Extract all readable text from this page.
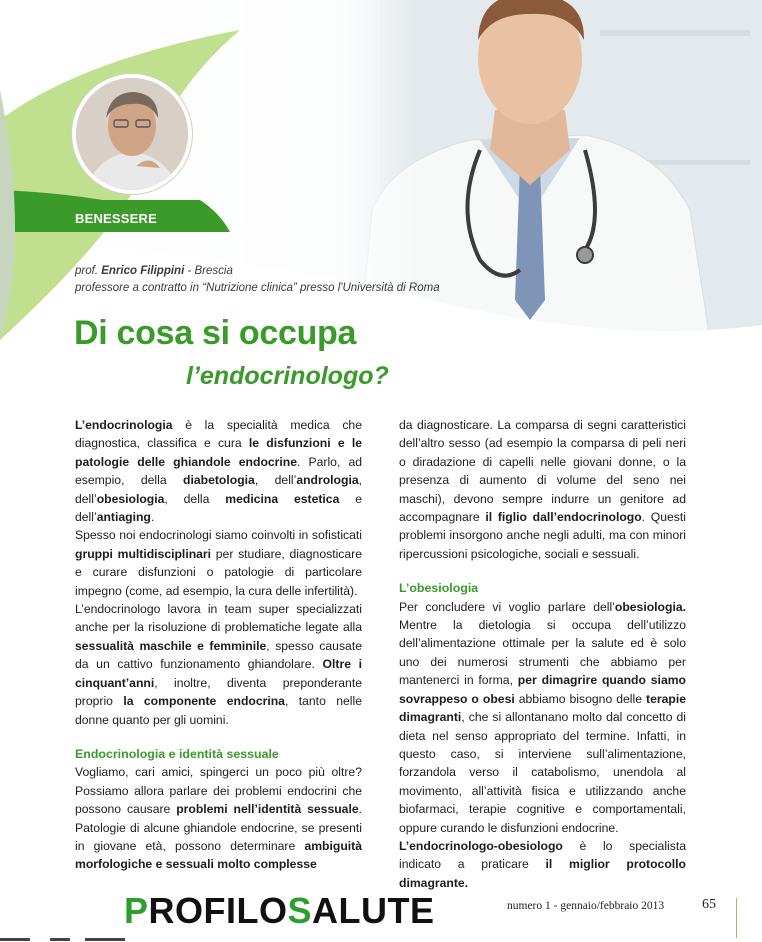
BENESSERE
prof. Enrico Filippini - Brescia
professore a contratto in “Nutrizione clinica” presso l'Università di Roma
Di cosa si occupa
l’endocrinologo?

L’endocrinologia è la specialità medica che diagnostica, classifica e cura le disfunzioni e le patologie delle ghiandole endocrine. Parlo, ad esempio, della diabetologia, dell’andrologia, dell’obesiologia, della medicina estetica e dell’antiaging.

Spesso noi endocrinologi siamo coinvolti in sofisticati gruppi multidisciplinari per studiare, diagnosticare e curare disfunzioni o patologie di particolare impegno (come, ad esempio, la cura delle infertilità).

L’endocrinologo lavora in team super specializzati anche per la risoluzione di problematiche legate alla sessualità maschile e femminile, spesso causate da un cattivo funzionamento ghiandolare. Oltre i cinquant’anni, inoltre, diventa preponderante proprio la componente endocrina, tanto nelle donne quanto per gli uomini.

Endocrinologia e identità sessuale

Vogliamo, cari amici, spingerci un poco più oltre? Possiamo allora parlare dei problemi endocrini che possono causare problemi nell’identità sessuale. Patologie di alcune ghiandole endocrine, se presenti in giovane età, possono determinare ambiguità morfologiche e sessuali molto complesse

da diagnosticare. La comparsa di segni caratteristici dell’altro sesso (ad esempio la comparsa di peli neri o diradazione di capelli nelle giovani donne, o la presenza di aumento di volume del seno nei maschi), devono sempre indurre un genitore ad accompagnare il figlio dall’endocrinologo. Questi problemi insorgono anche negli adulti, ma con minori ripercussioni psicologiche, sociali e sessuali.

L’obesiologia

Per concludere vi voglio parlare dell’obesiologia. Mentre la dietologia si occupa dell’utilizzo dell’alimentazione ottimale per la salute ed è solo uno dei numerosi strumenti che abbiamo per mantenerci in forma, per dimagrire quando siamo sovrappeso o obesi abbiamo bisogno delle terapie dimagranti, che si allontanano molto dal concetto di dieta nel senso appropriato del termine. Infatti, in questo caso, si interviene sull’alimentazione, forzandola verso il catabolismo, unendola al movimento, all’attività fisica e utilizzando anche biofarmaci, terapie cognitive e comportamentali, oppure curando le disfunzioni endocrine.

L’endocrinologo-obesiologo è lo specialista indicato a praticare il miglior protocollo dimagrante.

PROFILOSALUTE	numero 1 - gennaio/febbraio 2013	65
